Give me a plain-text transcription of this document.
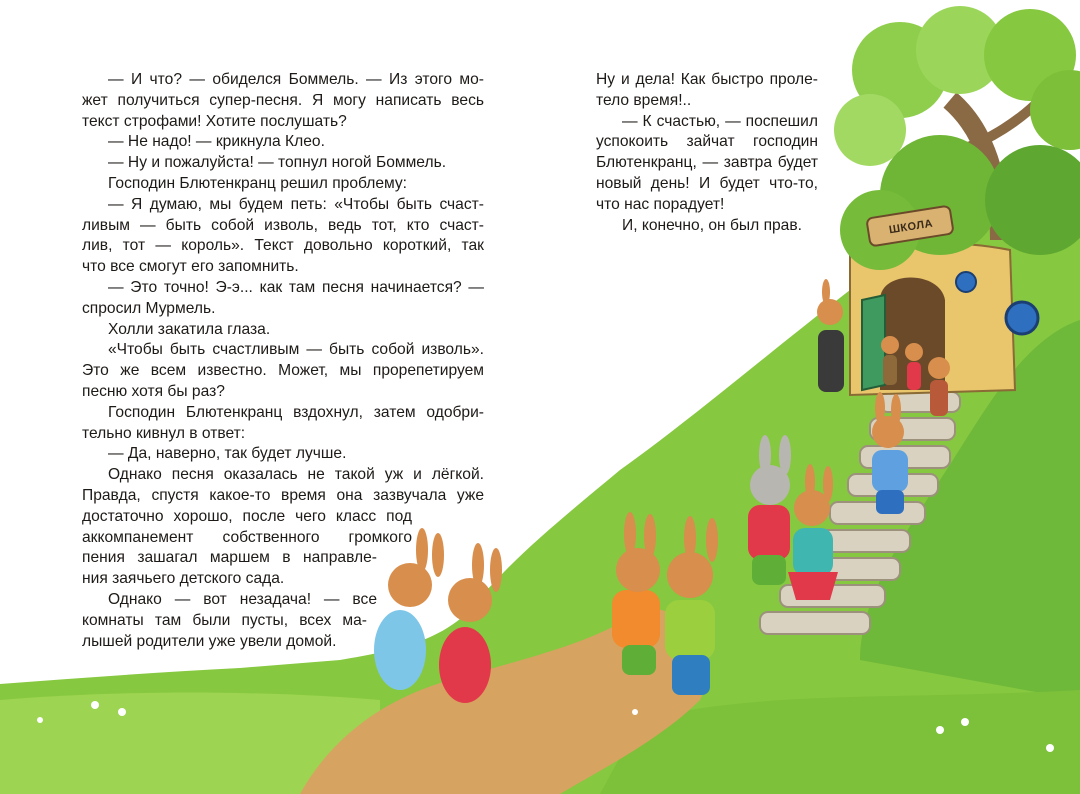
ШКОЛА

— И что? — обиделся Боммель. — Из этого мо-

жет получиться супер-песня. Я могу написать весь

текст строфами! Хотите послушать?

— Не надо! — крикнула Клео.

— Ну и пожалуйста! — топнул ногой Боммель.

Господин Блютенкранц решил проблему:

— Я думаю, мы будем петь: «Чтобы быть счаст-

ливым — быть собой изволь, ведь тот, кто счаст-

лив, тот — король». Текст довольно короткий, так

что все смогут его запомнить.

— Это точно! Э-э... как там песня начинается? —

спросил Мурмель.

Холли закатила глаза.

«Чтобы быть счастливым — быть собой изволь».

Это же всем известно. Может, мы прорепетируем

песню хотя бы раз?

Господин Блютенкранц вздохнул, затем одобри-

тельно кивнул в ответ:

— Да, наверно, так будет лучше.

Однако песня оказалась не такой уж и лёгкой.

Правда, спустя какое-то время она зазвучала уже

достаточно хорошо, после чего класс под

аккомпанемент собственного громкого

пения зашагал маршем в направле-

ния заячьего детского сада.

Однако — вот незадача! — все

комнаты там были пусты, всех ма-

лышей родители уже увели домой.

Ну и дела! Как быстро проле-

тело время!..

— К счастью, — поспешил

успокоить зайчат господин

Блютенкранц, — завтра будет

новый день! И будет что-то,

что нас порадует!

И, конечно, он был прав.
